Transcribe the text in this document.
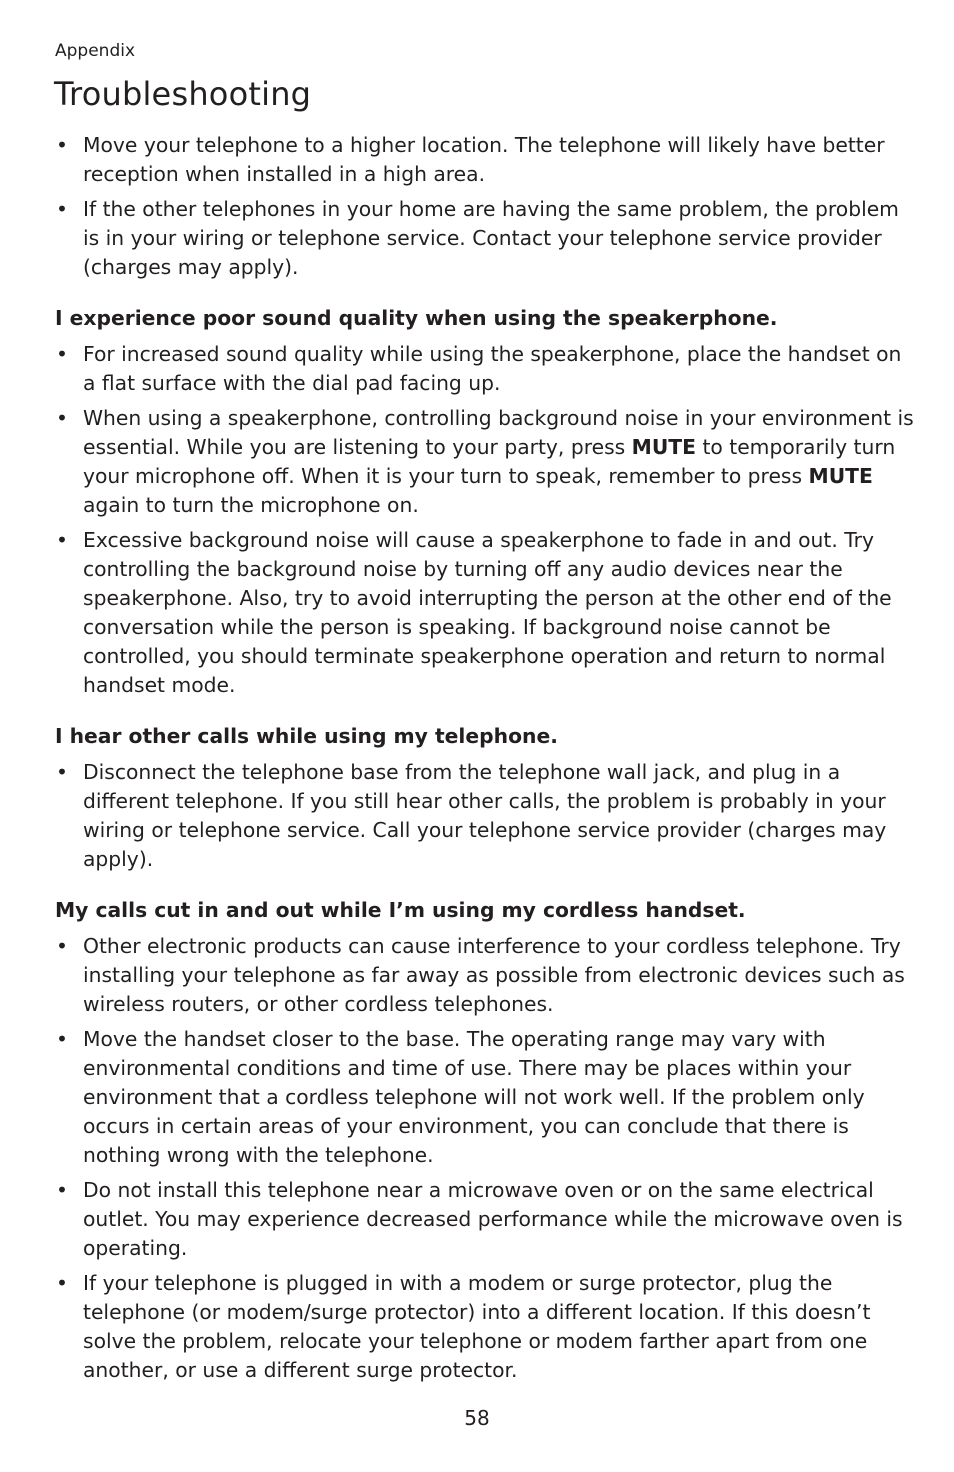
Appendix

Troubleshooting
• Move your telephone to a higher location. The telephone will likely have better reception when installed in a high area.
• If the other telephones in your home are having the same problem, the problem is in your wiring or telephone service. Contact your telephone service provider (charges may apply).

I experience poor sound quality when using the speakerphone.

• For increased sound quality while using the speakerphone, place the handset on a flat surface with the dial pad facing up.
• When using a speakerphone, controlling background noise in your environment is essential. While you are listening to your party, press MUTE to temporarily turn your microphone off. When it is your turn to speak, remember to press MUTE again to turn the microphone on.
• Excessive background noise will cause a speakerphone to fade in and out. Try controlling the background noise by turning off any audio devices near the speakerphone. Also, try to avoid interrupting the person at the other end of the conversation while the person is speaking. If background noise cannot be controlled, you should terminate speakerphone operation and return to normal handset mode.

I hear other calls while using my telephone.

• Disconnect the telephone base from the telephone wall jack, and plug in a different telephone. If you still hear other calls, the problem is probably in your wiring or telephone service. Call your telephone service provider (charges may apply).

My calls cut in and out while I’m using my cordless handset.

• Other electronic products can cause interference to your cordless telephone. Try installing your telephone as far away as possible from electronic devices such as wireless routers, or other cordless telephones.
• Move the handset closer to the base. The operating range may vary with environmental conditions and time of use. There may be places within your environment that a cordless telephone will not work well. If the problem only occurs in certain areas of your environment, you can conclude that there is nothing wrong with the telephone.
• Do not install this telephone near a microwave oven or on the same electrical outlet. You may experience decreased performance while the microwave oven is operating.
• If your telephone is plugged in with a modem or surge protector, plug the telephone (or modem/surge protector) into a different location. If this doesn’t solve the problem, relocate your telephone or modem farther apart from one another, or use a different surge protector.

58
